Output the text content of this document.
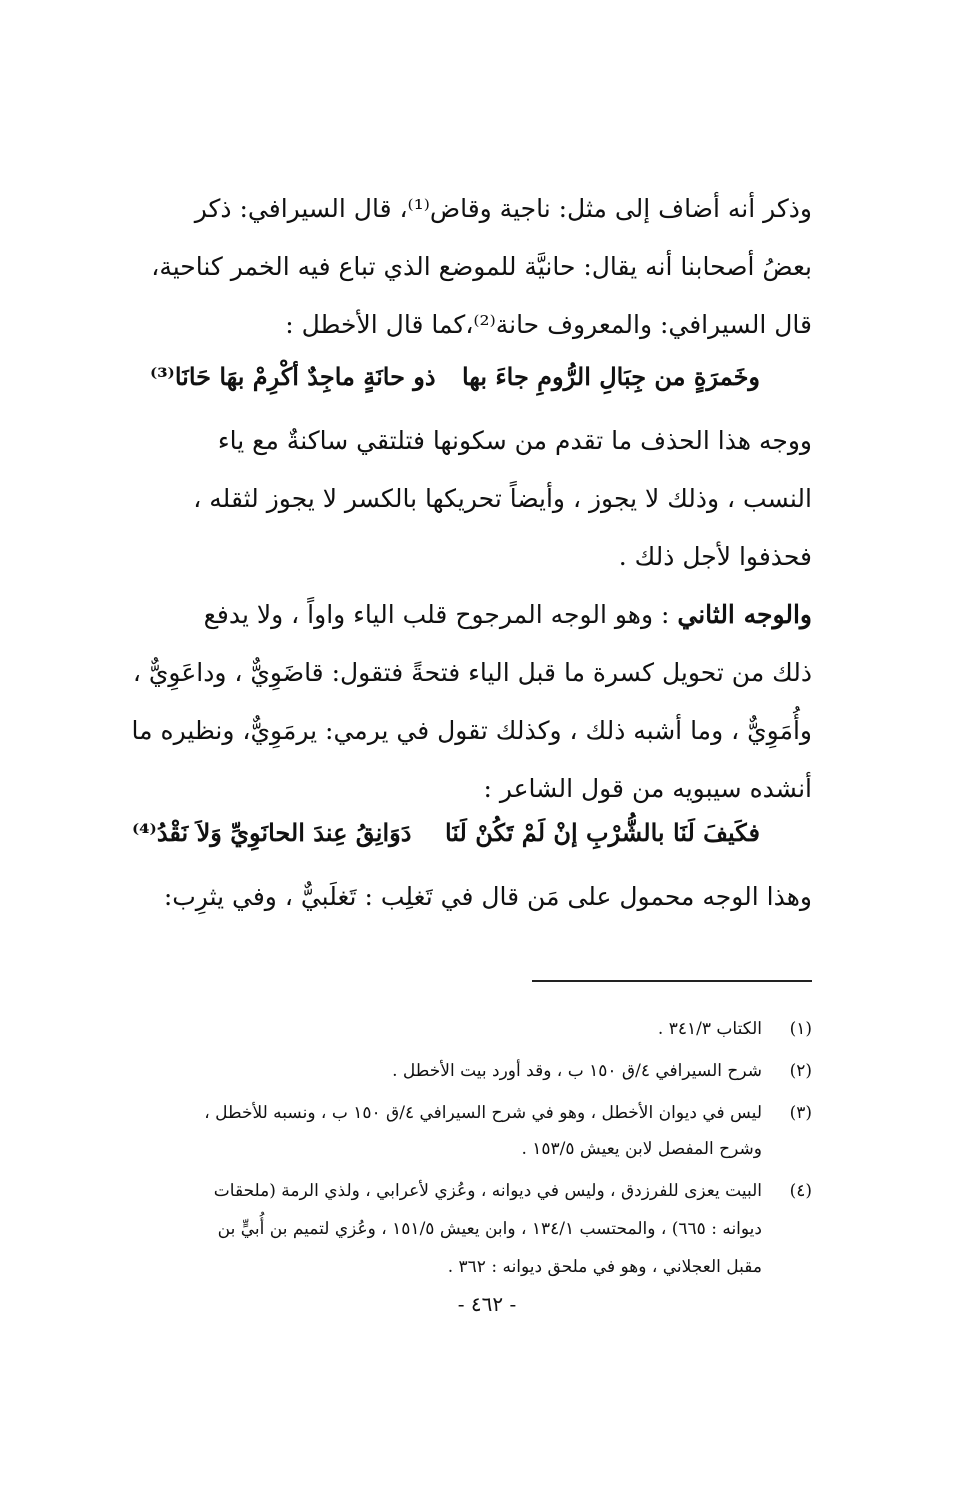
وذكر أنه أضاف إلى مثل: ناجية وقاض⁽¹⁾، قال السيرافي: ذكر
بعضُ أصحابنا أنه يقال: حانيَّة للموضع الذي تباع فيه الخمر كناحية،
قال السيرافي: والمعروف حانة⁽²⁾،كما قال الأخطل :
وخَمرَةٍ من جِبَالِ الرُّومِ جاءَ بها
ذو حانَةٍ ماجِدٌ أكْرِمْ بهَا حَانَا⁽³⁾
ووجه هذا الحذف ما تقدم من سكونها فتلتقي ساكنةٌ مع ياء
النسب ، وذلك لا يجوز ، وأيضاً تحريكها بالكسر لا يجوز لثقله ،
فحذفوا لأجل ذلك .
والوجه الثاني : وهو الوجه المرجوح قلب الياء واواً ، ولا يدفع
ذلك من تحويل كسرة ما قبل الياء فتحةً فتقول: قاضَوِيٌّ ، وداعَوِيٌّ ،
وأُمَوِيٌّ ، وما أشبه ذلك ، وكذلك تقول في يرمي: يرمَوِيٌّ، ونظيره ما
أنشده سيبويه من قول الشاعر :
فكَيفَ لَنَا بالشُّرْبِ إنْ لَمْ تَكُنْ لَنَا
دَوَانِقُ عِندَ الحانَوِيِّ وَلاَ نَقْدُ⁽⁴⁾
وهذا الوجه محمول على مَن قال في تَغلِب : تَغلَبيٌّ ، وفي يثرِب:
(١)
الكتاب ٣٤١/٣ .
(٢)
شرح السيرافي ٤/ق ١٥٠ ب ، وقد أورد بيت الأخطل .
(٣)
ليس في ديوان الأخطل ، وهو في شرح السيرافي ٤/ق ١٥٠ ب ، ونسبه للأخطل ،
وشرح المفصل لابن يعيش ١٥٣/٥ .
(٤)
البيت يعزى للفرزدق ، وليس في ديوانه ، وعُزي لأعرابي ، ولذي الرمة (ملحقات
ديوانه : ٦٦٥) ، والمحتسب ١٣٤/١ ، وابن يعيش ١٥١/٥ ، وعُزي لتميم بن أُبيٍّ بن
مقبل العجلاني ، وهو في ملحق ديوانه : ٣٦٢ .
- ٤٦٢ -
